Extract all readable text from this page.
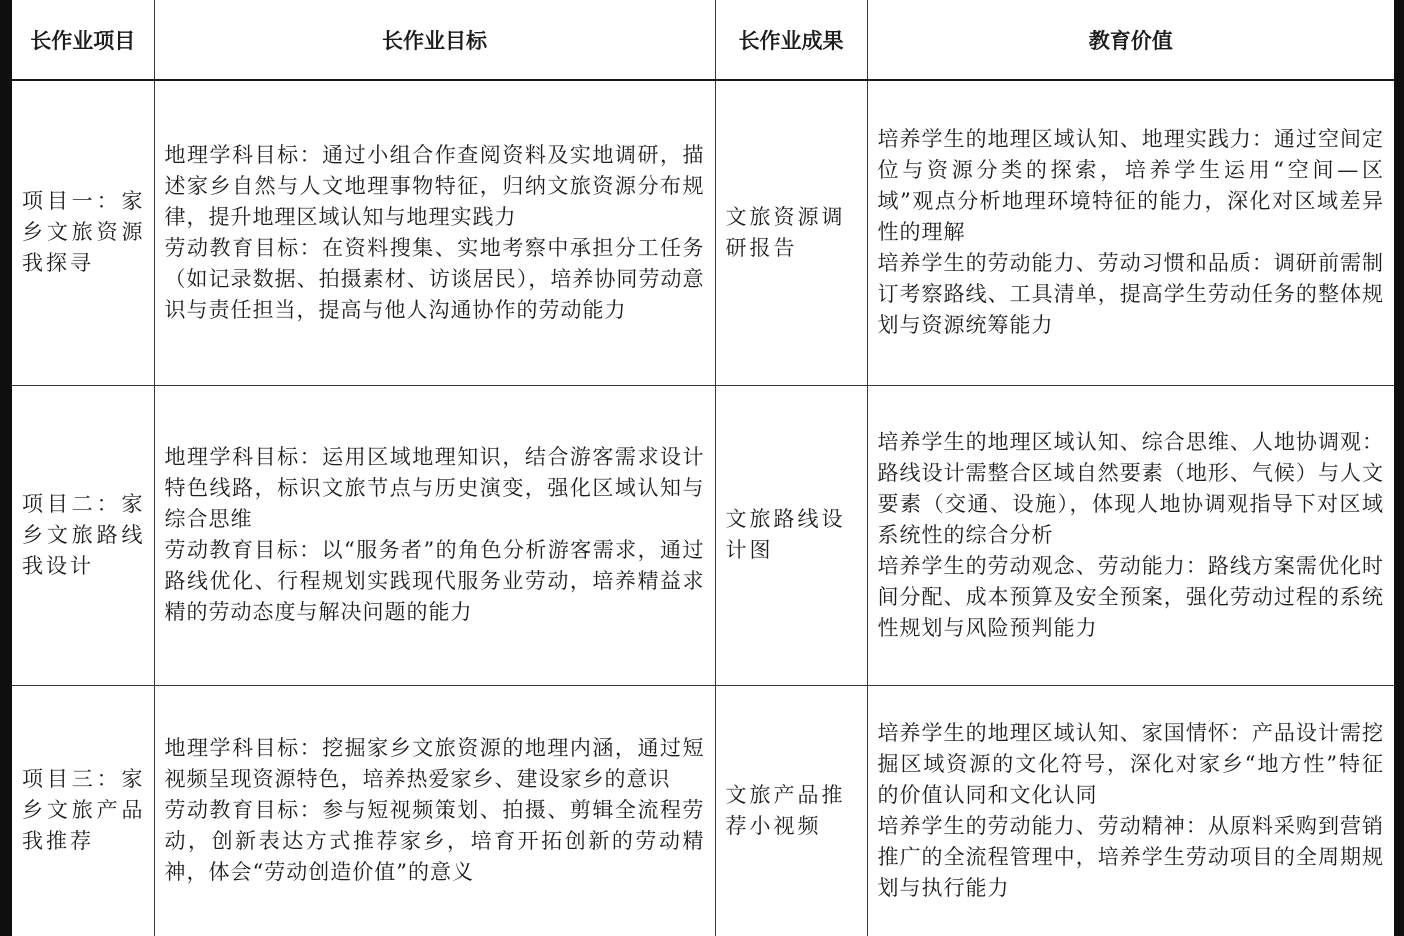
长作业项目	长作业目标	长作业成果	教育价值
项目一：家乡文旅资源我探寻	地理学科目标：通过小组合作查阅资料及实地调研，描述家乡自然与人文地理事物特征，归纳文旅资源分布规律，提升地理区域认知与地理实践力
劳动教育目标：在资料搜集、实地考察中承担分工任务（如记录数据、拍摄素材、访谈居民），培养协同劳动意识与责任担当，提高与他人沟通协作的劳动能力	文旅资源调研报告	培养学生的地理区域认知、地理实践力：通过空间定位与资源分类的探索，培养学生运用“空间—区域”观点分析地理环境特征的能力，深化对区域差异性的理解
培养学生的劳动能力、劳动习惯和品质：调研前需制订考察路线、工具清单，提高学生劳动任务的整体规划与资源统筹能力

项目二：家乡文旅路线我设计	地理学科目标：运用区域地理知识，结合游客需求设计特色线路，标识文旅节点与历史演变，强化区域认知与综合思维
劳动教育目标：以“服务者”的角色分析游客需求，通过路线优化、行程规划实践现代服务业劳动，培养精益求精的劳动态度与解决问题的能力	文旅路线设计图	培养学生的地理区域认知、综合思维、人地协调观：路线设计需整合区域自然要素（地形、气候）与人文要素（交通、设施），体现人地协调观指导下对区域系统性的综合分析
培养学生的劳动观念、劳动能力：路线方案需优化时间分配、成本预算及安全预案，强化劳动过程的系统性规划与风险预判能力

项目三：家乡文旅产品我推荐	地理学科目标：挖掘家乡文旅资源的地理内涵，通过短视频呈现资源特色，培养热爱家乡、建设家乡的意识
劳动教育目标：参与短视频策划、拍摄、剪辑全流程劳动，创新表达方式推荐家乡，培育开拓创新的劳动精神，体会“劳动创造价值”的意义	文旅产品推荐小视频	培养学生的地理区域认知、家国情怀：产品设计需挖掘区域资源的文化符号，深化对家乡“地方性”特征的价值认同和文化认同
培养学生的劳动能力、劳动精神：从原料采购到营销推广的全流程管理中，培养学生劳动项目的全周期规划与执行能力
